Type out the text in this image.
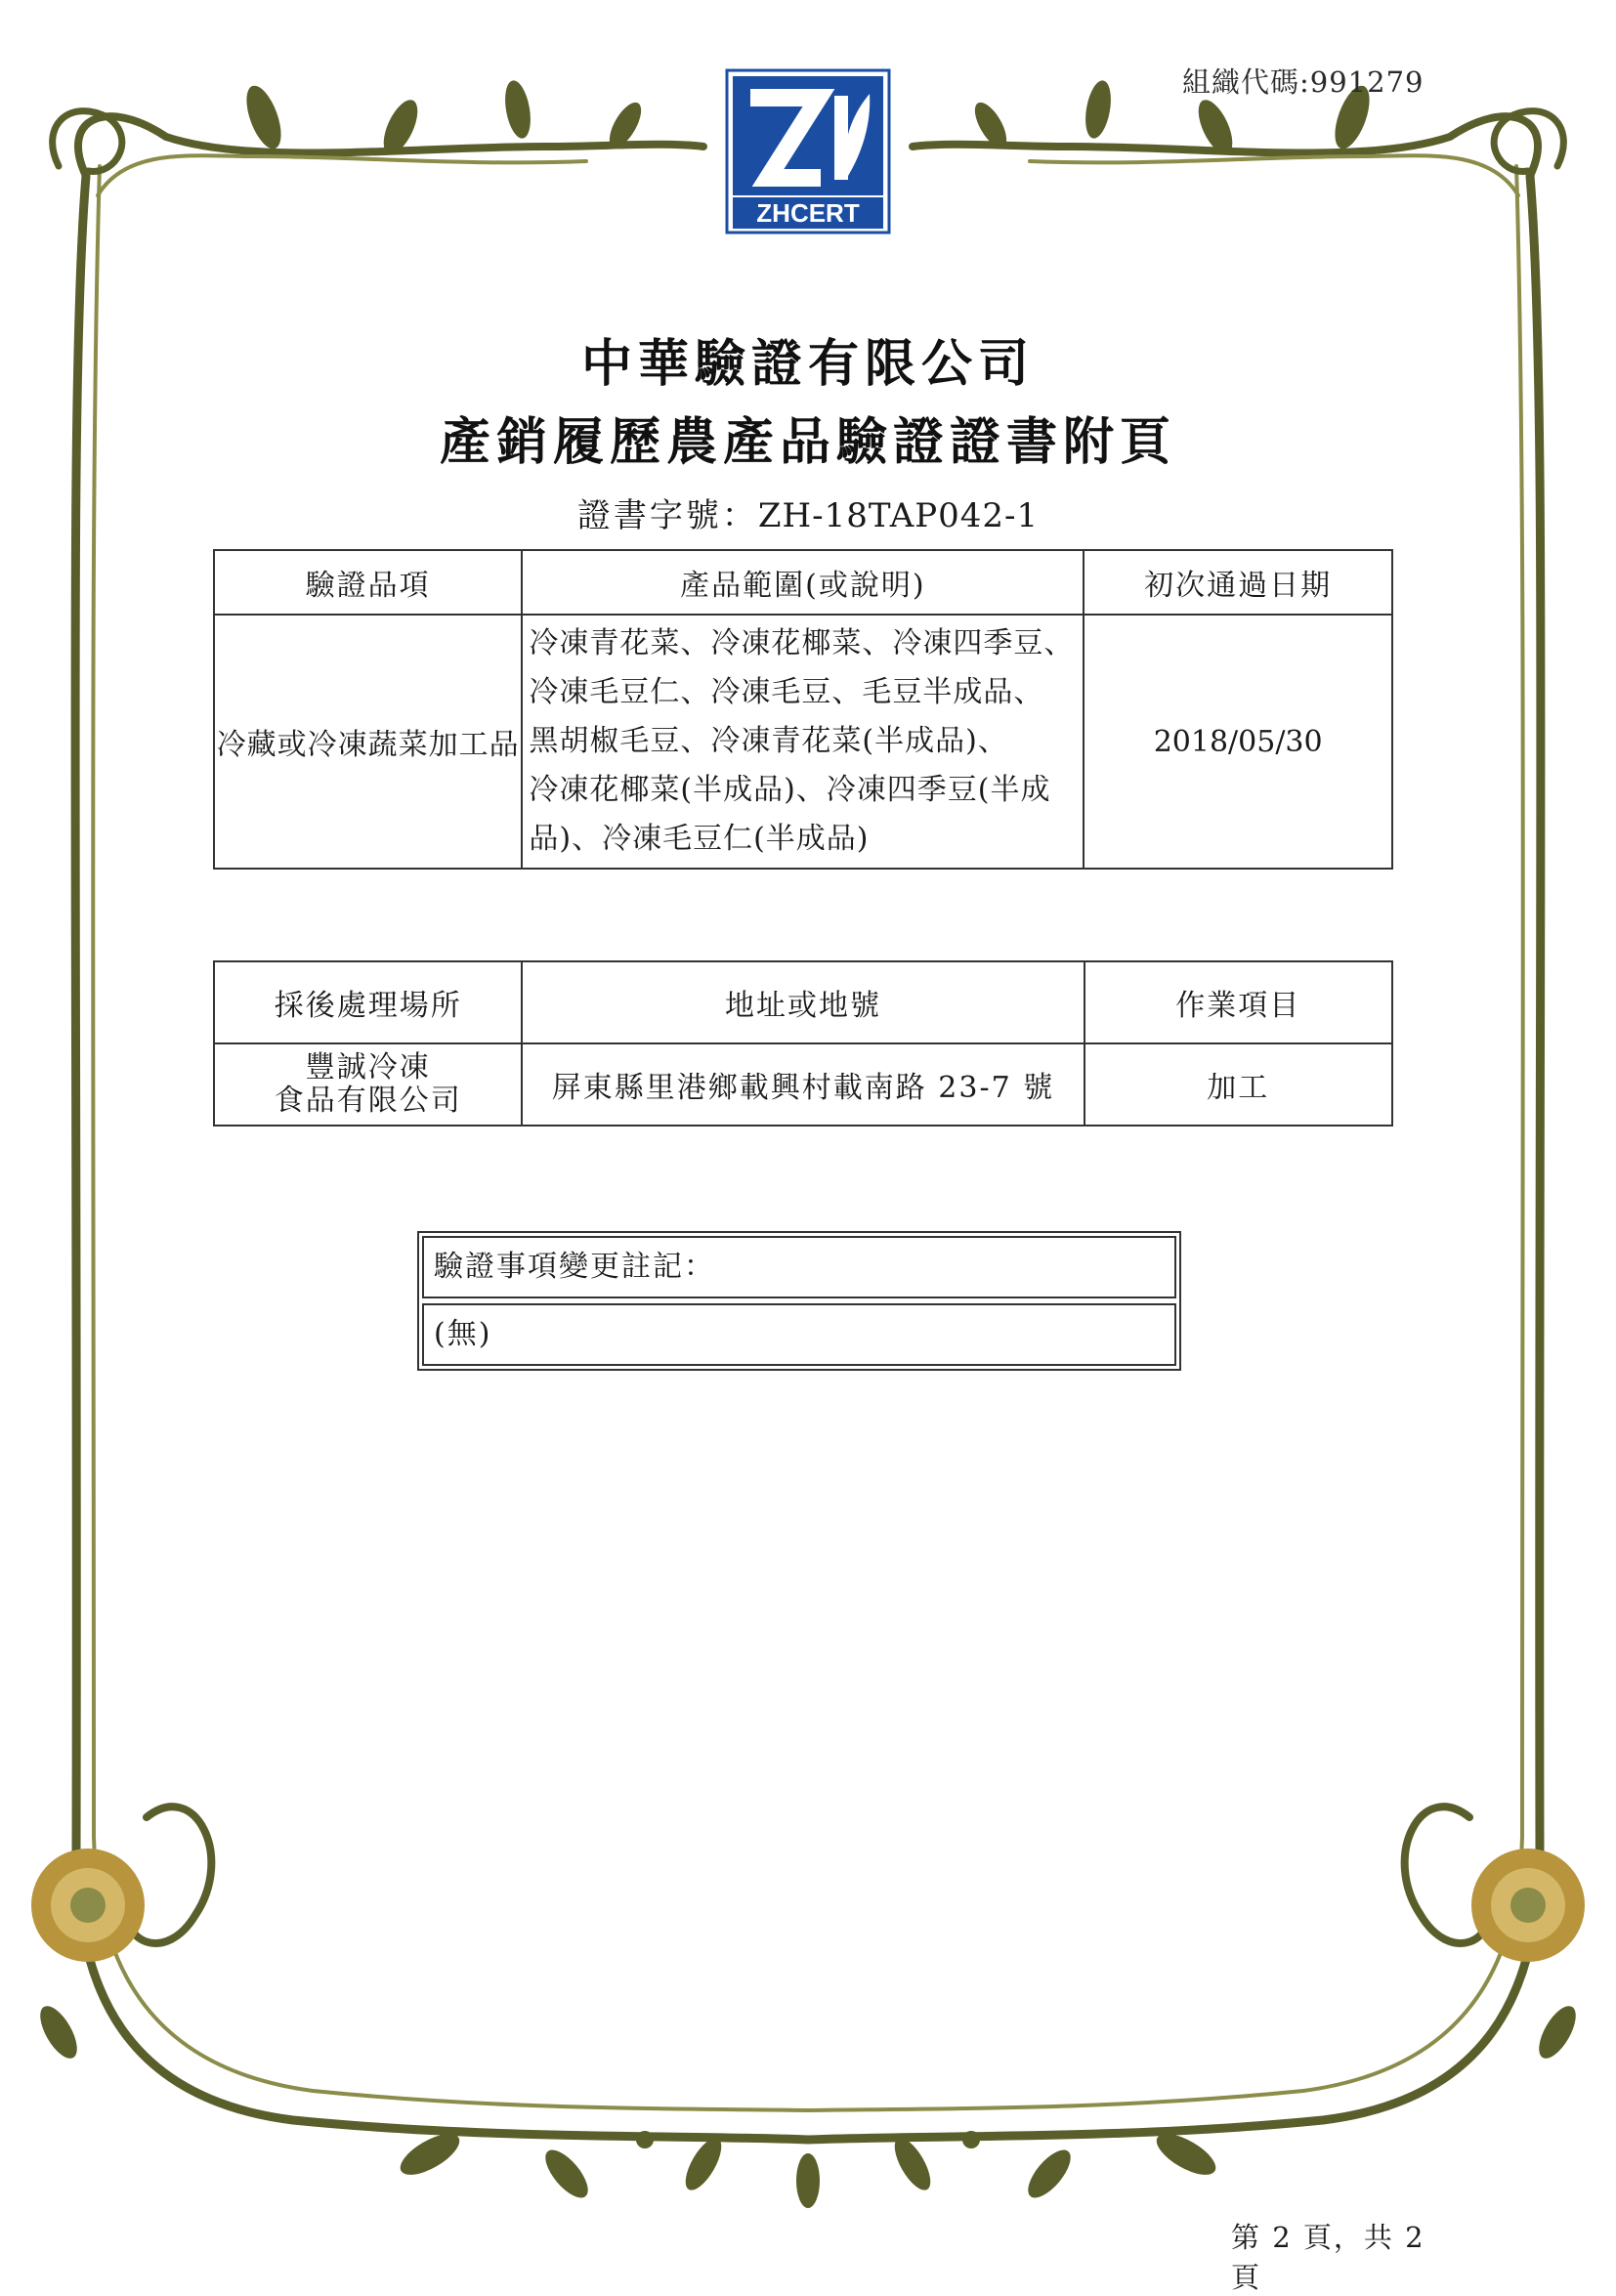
組織代碼:991279
ZHCERT
中華驗證有限公司
產銷履歷農產品驗證證書附頁
證書字號：ZH-18TAP042-1
驗證品項	產品範圍(或說明)	初次通過日期
冷藏或冷凍蔬菜加工品	冷凍青花菜、冷凍花椰菜、冷凍四季豆、
冷凍毛豆仁、冷凍毛豆、毛豆半成品、
黑胡椒毛豆、冷凍青花菜(半成品)、
冷凍花椰菜(半成品)、冷凍四季豆(半成
品)、冷凍毛豆仁(半成品)	2018/05/30
採後處理場所	地址或地號	作業項目

豐誠冷凍
食品有限公司	屏東縣里港鄉載興村載南路 23-7 號	加工
驗證事項變更註記：
(無)
第 2 頁，共 2 頁
